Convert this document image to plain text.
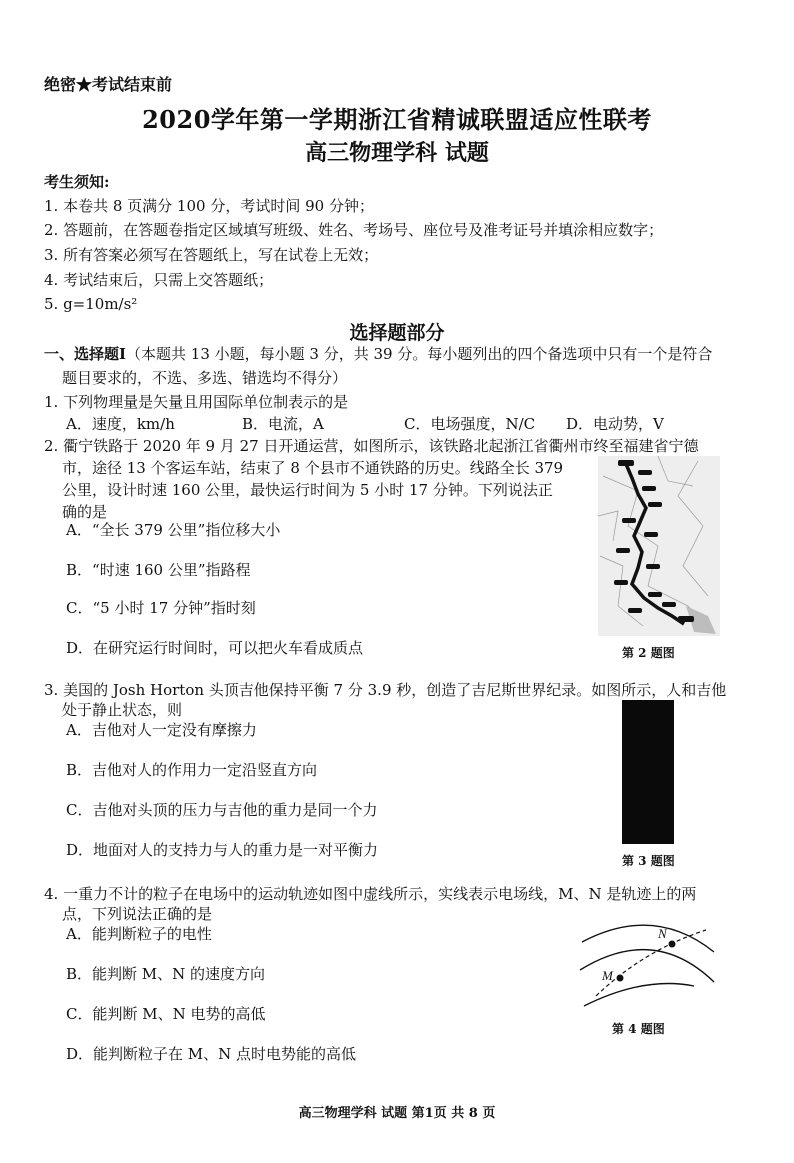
绝密★考试结束前
2020学年第一学期浙江省精诚联盟适应性联考
高三物理学科 试题
考生须知:
1. 本卷共 8 页满分 100 分，考试时间 90 分钟；
2. 答题前，在答题卷指定区域填写班级、姓名、考场号、座位号及准考证号并填涂相应数字；
3. 所有答案必须写在答题纸上，写在试卷上无效；
4. 考试结束后，只需上交答题纸；
5. g=10m/s²
选择题部分
一、选择题Ⅰ（本题共 13 小题，每小题 3 分，共 39 分。每小题列出的四个备选项中只有一个是符合
题目要求的，不选、多选、错选均不得分）
1. 下列物理量是矢量且用国际单位制表示的是
A．速度，km/h	B．电流，A	C．电场强度，N/C D．电动势，V
2. 衢宁铁路于 2020 年 9 月 27 日开通运营，如图所示，该铁路北起浙江省衢州市终至福建省宁德
市，途径 13 个客运车站，结束了 8 个县市不通铁路的历史。线路全长 379
公里，设计时速 160 公里，最快运行时间为 5 小时 17 分钟。下列说法正
确的是
A．“全长 379 公里”指位移大小
B．“时速 160 公里”指路程
C．“5 小时 17 分钟”指时刻
D．在研究运行时间时，可以把火车看成质点	第 2 题图
3. 美国的 Josh Horton 头顶吉他保持平衡 7 分 3.9 秒，创造了吉尼斯世界纪录。如图所示，人和吉他
处于静止状态，则
A．吉他对人一定没有摩擦力
B．吉他对人的作用力一定沿竖直方向
C．吉他对头顶的压力与吉他的重力是同一个力
D．地面对人的支持力与人的重力是一对平衡力
第 3 题图
4. 一重力不计的粒子在电场中的运动轨迹如图中虚线所示，实线表示电场线，M、N 是轨迹上的两
点，下列说法正确的是
A．能判断粒子的电性
B．能判断 M、N 的速度方向
C．能判断 M、N 电势的高低
D．能判断粒子在 M、N 点时电势能的高低
M
N
第 4 题图
高三物理学科 试题 第1页 共 8 页
